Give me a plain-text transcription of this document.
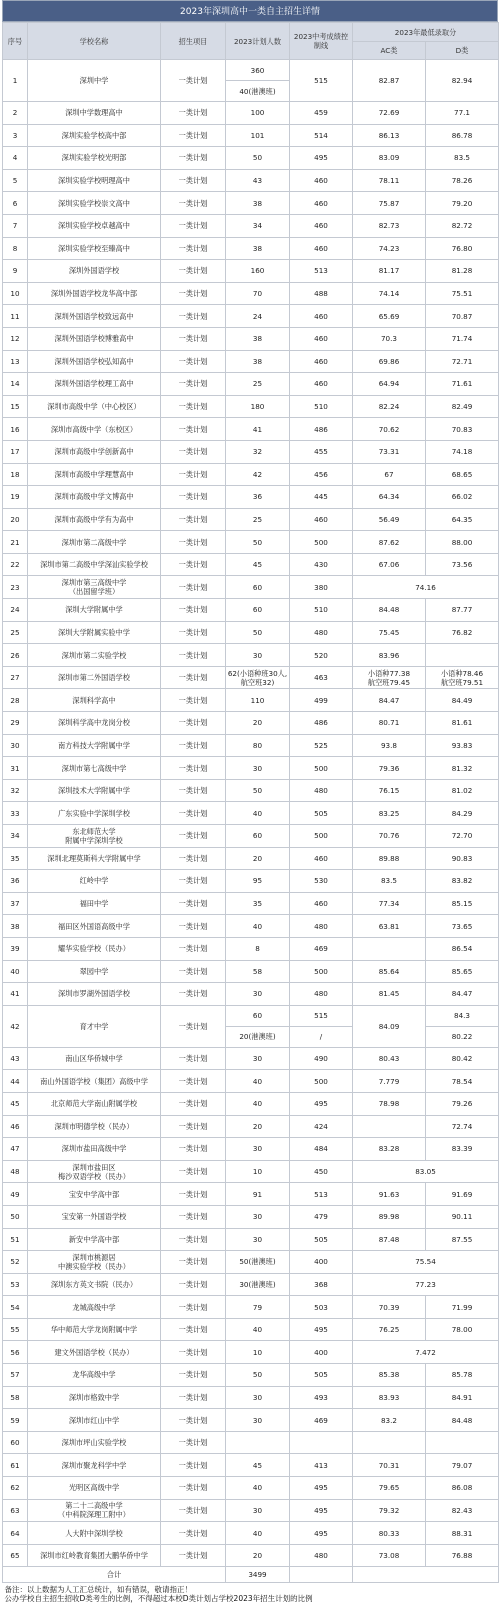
2023年深圳高中一类自主招生详情
序号	学校名称	招生项目	2023计划人数	2023中考成绩控制线	2023年最低录取分	
					AC类	D类
1	深圳中学	一类计划	360	515	82.87	82.94
			40(港澳班)			
2	深圳中学数理高中	一类计划	100	459	72.69	77.1
3	深圳实验学校高中部	一类计划	101	514	86.13	86.78
4	深圳实验学校光明部	一类计划	50	495	83.09	83.5
5	深圳实验学校明理高中	一类计划	43	460	78.11	78.26
6	深圳实验学校崇文高中	一类计划	38	460	75.87	79.20
7	深圳实验学校卓越高中	一类计划	34	460	82.73	82.72
8	深圳实验学校至臻高中	一类计划	38	460	74.23	76.80
9	深圳外国语学校	一类计划	160	513	81.17	81.28
10	深圳外国语学校龙华高中部	一类计划	70	488	74.14	75.51
11	深圳外国语学校致远高中	一类计划	24	460	65.69	70.87
12	深圳外国语学校博雅高中	一类计划	38	460	70.3	71.74
13	深圳外国语学校弘知高中	一类计划	38	460	69.86	72.71
14	深圳外国语学校理工高中	一类计划	25	460	64.94	71.61
15	深圳市高级中学（中心校区）	一类计划	180	510	82.24	82.49
16	深圳市高级中学（东校区）	一类计划	41	486	70.62	70.83
17	深圳市高级中学创新高中	一类计划	32	455	73.31	74.18
18	深圳市高级中学理慧高中	一类计划	42	456	67	68.65
19	深圳市高级中学文博高中	一类计划	36	445	64.34	66.02
20	深圳市高级中学有为高中	一类计划	25	460	56.49	64.35
21	深圳市第二高级中学	一类计划	50	500	87.62	88.00
22	深圳市第二高级中学深汕实验学校	一类计划	45	430	67.06	73.56
23	深圳市第三高级中学
（出国留学班）	一类计划	60	380	74.16	
24	深圳大学附属中学	一类计划	60	510	84.48	87.77
25	深圳大学附属实验中学	一类计划	50	480	75.45	76.82
26	深圳市第二实验学校	一类计划	30	520	83.96	
27	深圳市第二外国语学校	一类计划	62(小语种班30人,航空班32)	463	小语种77.38
航空班79.45	小语种78.46
航空班79.51
28	深圳科学高中	一类计划	110	499	84.47	84.49
29	深圳科学高中龙岗分校	一类计划	20	486	80.71	81.61
30	南方科技大学附属中学	一类计划	80	525	93.8	93.83
31	深圳市第七高级中学	一类计划	30	500	79.36	81.32
32	深圳技术大学附属中学	一类计划	50	480	76.15	81.02
33	广东实验中学深圳学校	一类计划	40	505	83.25	84.29
34	东北师范大学
附属中学深圳学校	一类计划	60	500	70.76	72.70
35	深圳北理莫斯科大学附属中学	一类计划	20	460	89.88	90.83
36	红岭中学	一类计划	95	530	83.5	83.82
37	福田中学	一类计划	35	460	77.34	85.15
38	福田区外国语高级中学	一类计划	40	480	63.81	73.65
39	耀华实验学校（民办）	一类计划	8	469		86.54
40	翠园中学	一类计划	58	500	85.64	85.65
41	深圳市罗湖外国语学校	一类计划	30	480	81.45	84.47
42	育才中学	一类计划	60	515	84.09	84.3
			20(港澳班)	/		80.22
43	南山区华侨城中学	一类计划	30	490	80.43	80.42
44	南山外国语学校（集团）高级中学	一类计划	40	500	7.779	78.54
45	北京师范大学南山附属学校	一类计划	40	495	78.98	79.26
46	深圳市明德学校（民办）	一类计划	20	424		72.74
47	深圳市盐田高级中学	一类计划	30	484	83.28	83.39
48	深圳市盐田区
梅沙双语学校（民办）	一类计划	10	450	83.05	
49	宝安中学高中部	一类计划	91	513	91.63	91.69
50	宝安第一外国语学校	一类计划	30	479	89.98	90.11
51	新安中学高中部	一类计划	30	505	87.48	87.55
52	深圳市桃源居
中澳实验学校（民办）	一类计划	50(港澳班)	400	75.54	
53	深圳东方英文书院（民办）	一类计划	30(港澳班)	368	77.23	
54	龙城高级中学	一类计划	79	503	70.39	71.99
55	华中师范大学龙岗附属中学	一类计划	40	495	76.25	78.00
56	建文外国语学校（民办）	一类计划	10	400	7.472	
57	龙华高级中学	一类计划	50	505	85.38	85.78
58	深圳市格致中学	一类计划	30	493	83.93	84.91
59	深圳市红山中学	一类计划	30	469	83.2	84.48
60	深圳市坪山实验学校	一类计划				
61	深圳市聚龙科学中学	一类计划	45	413	70.31	79.07
62	光明区高级中学	一类计划	40	495	79.65	86.08
63	第二十二高级中学
（中科院深理工附中）	一类计划	30	495	79.32	82.43
64	人大附中深圳学校	一类计划	40	495	80.33	88.31
65	深圳市红岭教育集团大鹏华侨中学	一类计划	20	480	73.08	76.88
合计			3499			

备注：以上数据为人工汇总统计，如有错误，敬请指正！
公办学校自主招生招收D类考生的比例，不得超过本校D类计划占学校2023年招生计划的比例						
